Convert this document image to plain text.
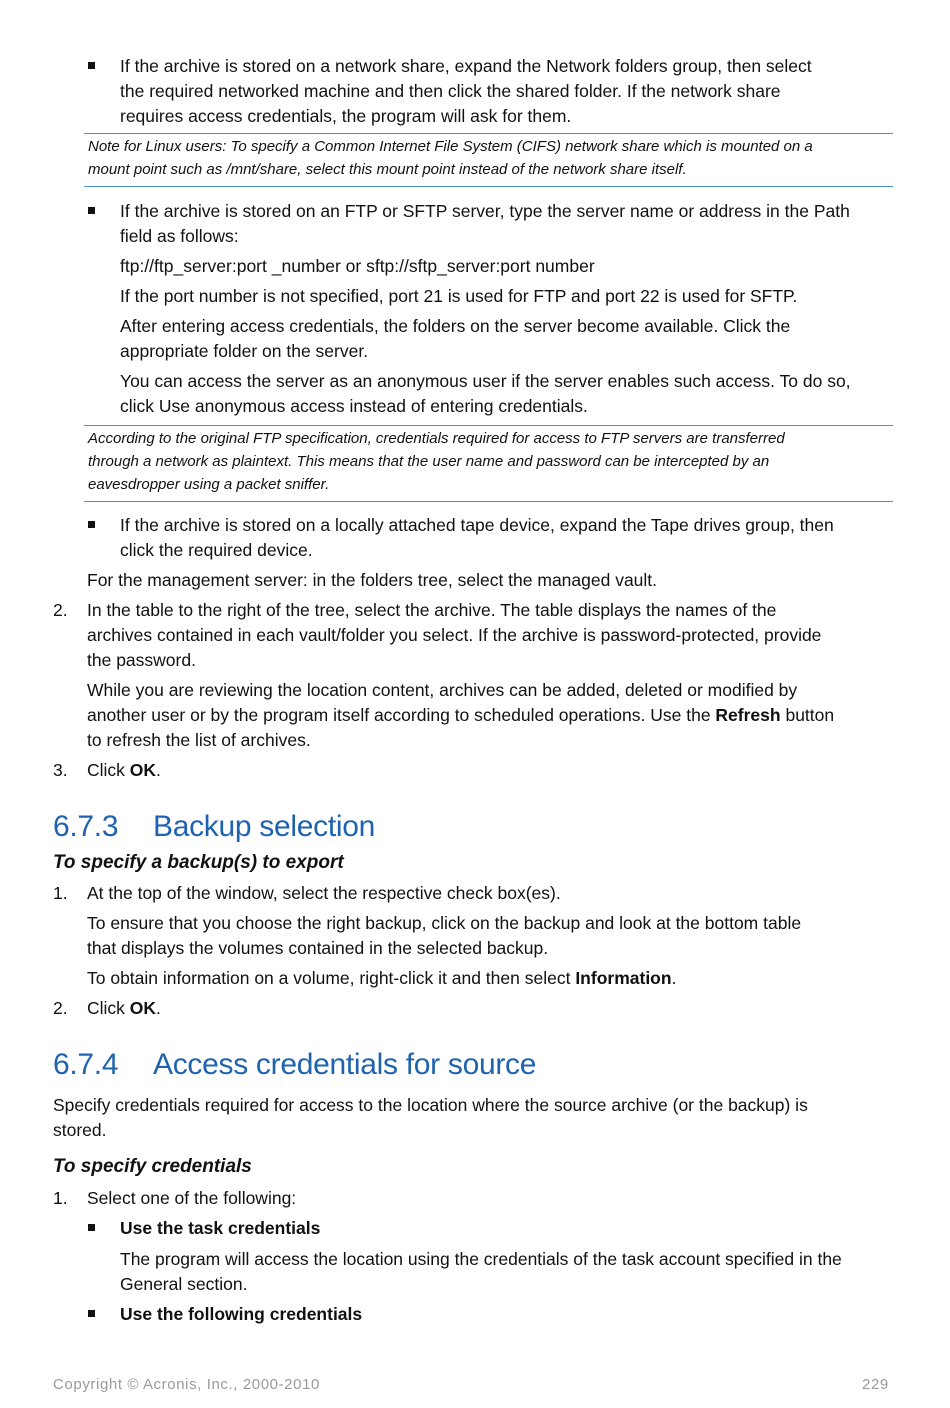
If the archive is stored on a network share, expand the Network folders group, then select
the required networked machine and then click the shared folder. If the network share
requires access credentials, the program will ask for them.
Note for Linux users: To specify a Common Internet File System (CIFS) network share which is mounted on a
mount point such as /mnt/share, select this mount point instead of the network share itself.
If the archive is stored on an FTP or SFTP server, type the server name or address in the Path
field as follows:
ftp://ftp_server:port _number or sftp://sftp_server:port number
If the port number is not specified, port 21 is used for FTP and port 22 is used for SFTP.
After entering access credentials, the folders on the server become available. Click the
appropriate folder on the server.
You can access the server as an anonymous user if the server enables such access. To do so,
click Use anonymous access instead of entering credentials.
According to the original FTP specification, credentials required for access to FTP servers are transferred
through a network as plaintext. This means that the user name and password can be intercepted by an
eavesdropper using a packet sniffer.
If the archive is stored on a locally attached tape device, expand the Tape drives group, then
click the required device.
For the management server: in the folders tree, select the managed vault.
2. In the table to the right of the tree, select the archive. The table displays the names of the
archives contained in each vault/folder you select. If the archive is password-protected, provide
the password.
While you are reviewing the location content, archives can be added, deleted or modified by
another user or by the program itself according to scheduled operations. Use the Refresh button
to refresh the list of archives.
3. Click OK.
6.7.3 Backup selection
To specify a backup(s) to export
1. At the top of the window, select the respective check box(es).
To ensure that you choose the right backup, click on the backup and look at the bottom table
that displays the volumes contained in the selected backup.
To obtain information on a volume, right-click it and then select Information.
2. Click OK.
6.7.4 Access credentials for source
Specify credentials required for access to the location where the source archive (or the backup) is
stored.
To specify credentials
1. Select one of the following:
Use the task credentials
The program will access the location using the credentials of the task account specified in the
General section.
Use the following credentials
Copyright © Acronis, Inc., 2000-2010	229
